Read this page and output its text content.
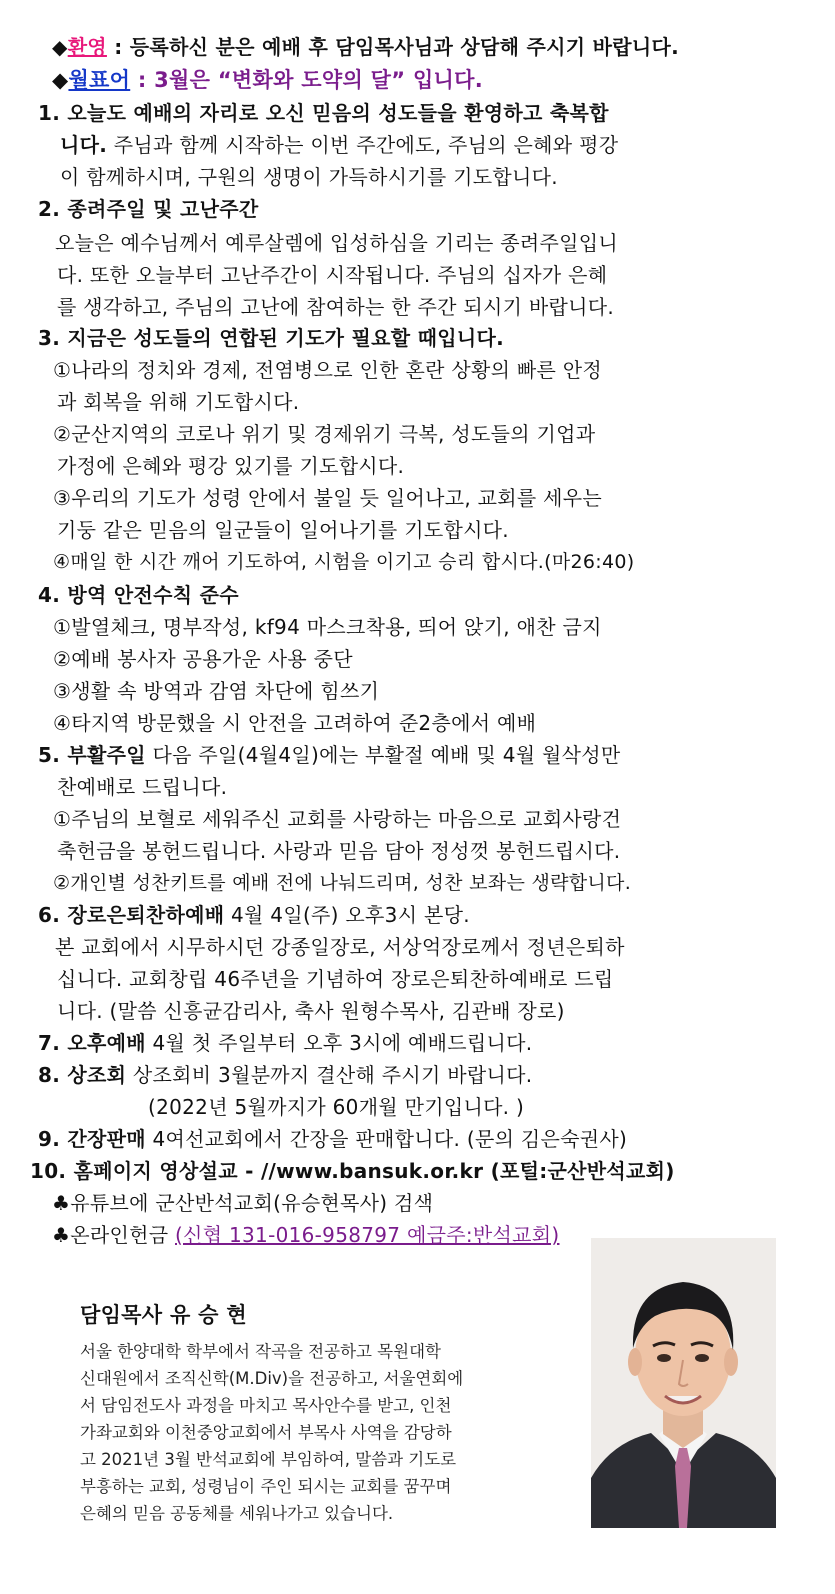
◆환영 : 등록하신 분은 예배 후 담임목사님과 상담해 주시기 바랍니다.
◆월표어 : 3월은 “변화와 도약의 달” 입니다.
1. 오늘도 예배의 자리로 오신 믿음의 성도들을 환영하고 축복합
니다. 주님과 함께 시작하는 이번 주간에도, 주님의 은혜와 평강
이 함께하시며, 구원의 생명이 가득하시기를 기도합니다.
2. 종려주일 및 고난주간
오늘은 예수님께서 예루살렘에 입성하심을 기리는 종려주일입니
다. 또한 오늘부터 고난주간이 시작됩니다. 주님의 십자가 은혜
를 생각하고, 주님의 고난에 참여하는 한 주간 되시기 바랍니다.
3. 지금은 성도들의 연합된 기도가 필요할 때입니다.
①나라의 정치와 경제, 전염병으로 인한 혼란 상황의 빠른 안정
과 회복을 위해 기도합시다.
②군산지역의 코로나 위기 및 경제위기 극복, 성도들의 기업과
가정에 은혜와 평강 있기를 기도합시다.
③우리의 기도가 성령 안에서 불일 듯 일어나고, 교회를 세우는
기둥 같은 믿음의 일군들이 일어나기를 기도합시다.
④매일 한 시간 깨어 기도하여, 시험을 이기고 승리 합시다.(마26:40)
4. 방역 안전수칙 준수
①발열체크, 명부작성, kf94 마스크착용, 띄어 앉기, 애찬 금지
②예배 봉사자 공용가운 사용 중단
③생활 속 방역과 감염 차단에 힘쓰기
④타지역 방문했을 시 안전을 고려하여 준2층에서 예배
5. 부활주일 다음 주일(4월4일)에는 부활절 예배 및 4월 월삭성만
찬예배로 드립니다.
①주님의 보혈로 세워주신 교회를 사랑하는 마음으로 교회사랑건
축헌금을 봉헌드립니다. 사랑과 믿음 담아 정성껏 봉헌드립시다.
②개인별 성찬키트를 예배 전에 나눠드리며, 성찬 보좌는 생략합니다.
6. 장로은퇴찬하예배 4월 4일(주) 오후3시 본당.
본 교회에서 시무하시던 강종일장로, 서상억장로께서 정년은퇴하
십니다. 교회창립 46주년을 기념하여 장로은퇴찬하예배로 드립
니다. (말씀 신흥균감리사, 축사 원형수목사, 김관배 장로)
7. 오후예배 4월 첫 주일부터 오후 3시에 예배드립니다.
8. 상조회 상조회비 3월분까지 결산해 주시기 바랍니다.
(2022년 5월까지가 60개월 만기입니다. )
9. 간장판매 4여선교회에서 간장을 판매합니다. (문의 김은숙권사)
10. 홈페이지 영상설교 - //www.bansuk.or.kr (포털:군산반석교회)
♣유튜브에 군산반석교회(유승현목사) 검색
♣온라인헌금 (신협 131-016-958797 예금주:반석교회)
담임목사 유 승 현
서울 한양대학 학부에서 작곡을 전공하고 목원대학
신대원에서 조직신학(M.Div)을 전공하고, 서울연회에
서 담임전도사 과정을 마치고 목사안수를 받고, 인천
가좌교회와 이천중앙교회에서 부목사 사역을 감당하
고 2021년 3월 반석교회에 부임하여, 말씀과 기도로
부흥하는 교회, 성령님이 주인 되시는 교회를 꿈꾸며
은혜의 믿음 공동체를 세워나가고 있습니다.
